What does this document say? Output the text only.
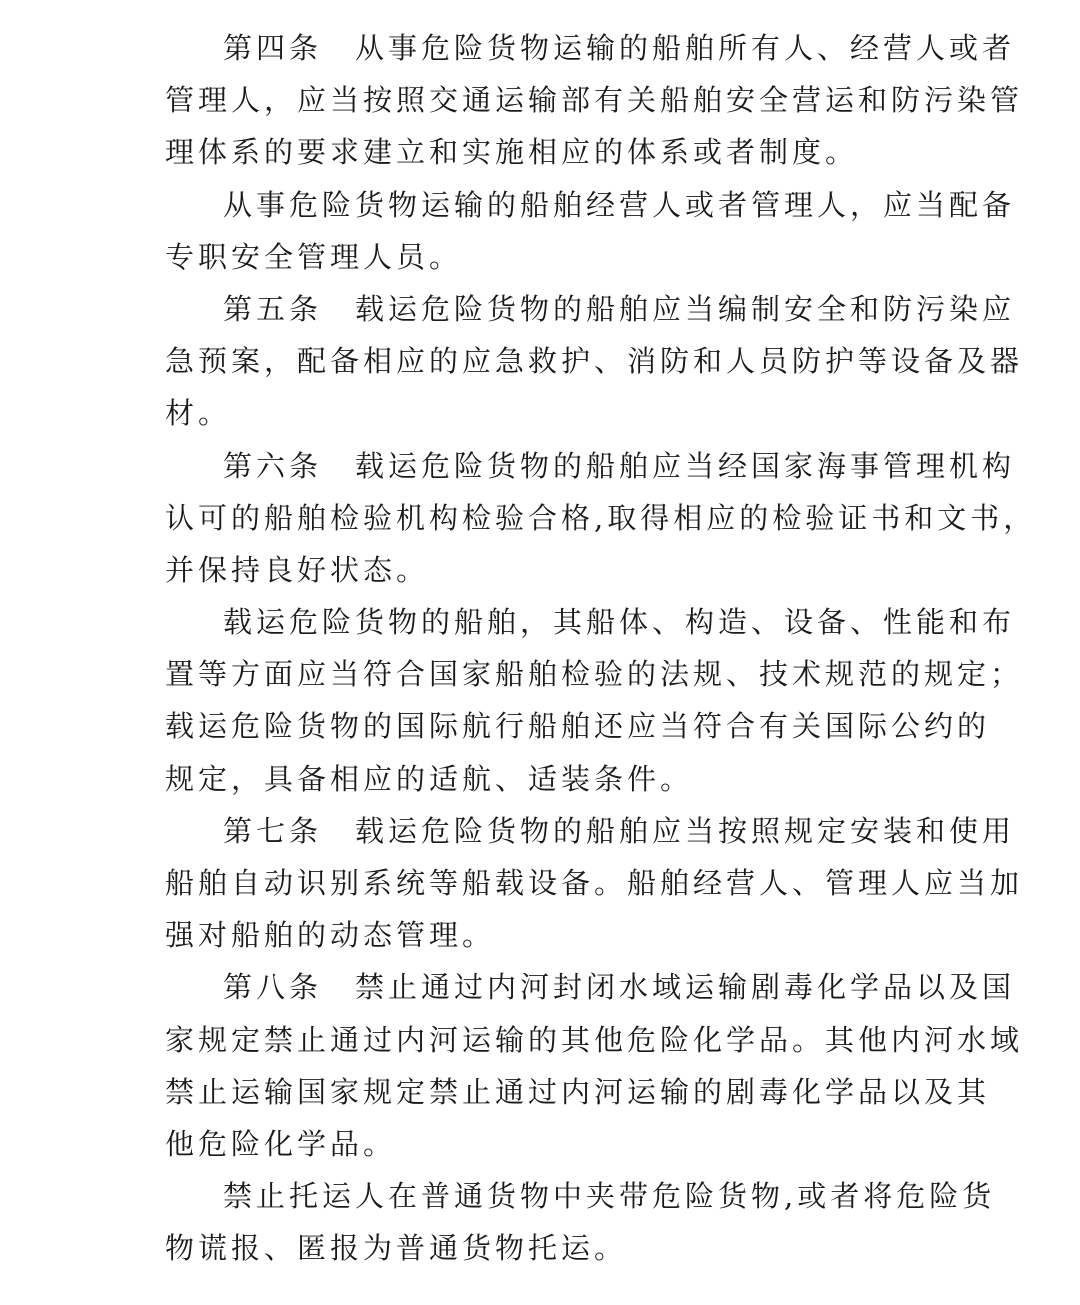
第四条　从事危险货物运输的船舶所有人、经营人或者
管理人，应当按照交通运输部有关船舶安全营运和防污染管
理体系的要求建立和实施相应的体系或者制度。
从事危险货物运输的船舶经营人或者管理人，应当配备
专职安全管理人员。
第五条　载运危险货物的船舶应当编制安全和防污染应
急预案，配备相应的应急救护、消防和人员防护等设备及器
材。
第六条　载运危险货物的船舶应当经国家海事管理机构
认可的船舶检验机构检验合格,取得相应的检验证书和文书，
并保持良好状态。
载运危险货物的船舶，其船体、构造、设备、性能和布
置等方面应当符合国家船舶检验的法规、技术规范的规定；
载运危险货物的国际航行船舶还应当符合有关国际公约的
规定，具备相应的适航、适装条件。
第七条　载运危险货物的船舶应当按照规定安装和使用
船舶自动识别系统等船载设备。船舶经营人、管理人应当加
强对船舶的动态管理。
第八条　禁止通过内河封闭水域运输剧毒化学品以及国
家规定禁止通过内河运输的其他危险化学品。其他内河水域
禁止运输国家规定禁止通过内河运输的剧毒化学品以及其
他危险化学品。
禁止托运人在普通货物中夹带危险货物,或者将危险货
物谎报、匿报为普通货物托运。
